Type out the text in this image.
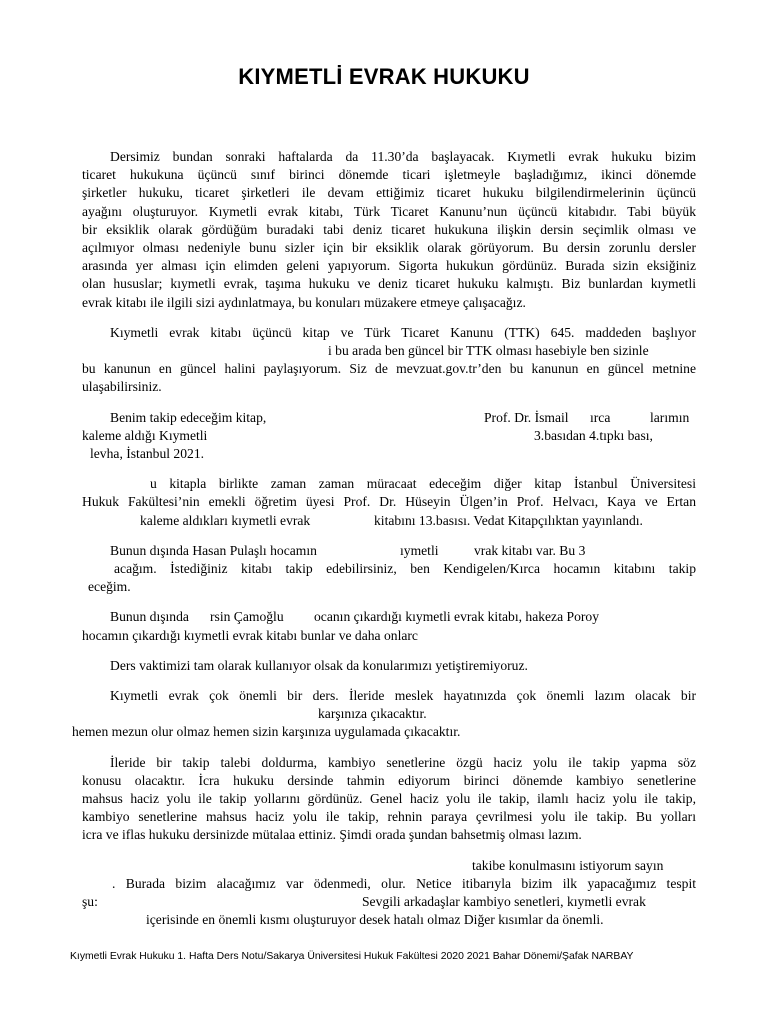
KIYMETLİ EVRAK HUKUKU
Dersimiz bundan sonraki haftalarda da 11.30’da başlayacak. Kıymetli evrak hukuku bizim
ticaret hukukuna üçüncü sınıf birinci dönemde ticari işletmeyle başladığımız, ikinci dönemde
şirketler hukuku, ticaret şirketleri ile devam ettiğimiz ticaret hukuku bilgilendirmelerinin üçüncü
ayağını oluşturuyor. Kıymetli evrak kitabı, Türk Ticaret Kanunu’nun üçüncü kitabıdır. Tabi büyük
bir eksiklik olarak gördüğüm buradaki tabi deniz ticaret hukukuna ilişkin dersin seçimlik olması ve
açılmıyor olması nedeniyle bunu sizler için bir eksiklik olarak görüyorum. Bu dersin zorunlu dersler
arasında yer alması için elimden geleni yapıyorum. Sigorta hukukun gördünüz. Burada sizin eksiğiniz
olan hususlar; kıymetli evrak, taşıma hukuku ve deniz ticaret hukuku kalmıştı. Biz bunlardan kıymetli
evrak kitabı ile ilgili sizi aydınlatmaya, bu konuları müzakere etmeye çalışacağız.
Kıymetli evrak kitabı üçüncü kitap ve Türk Ticaret Kanunu (TTK) 645. maddeden başlıyor
i bu arada ben güncel bir TTK olması hasebiyle ben sizinle
bu kanunun en güncel halini paylaşıyorum. Siz de mevzuat.gov.tr’den bu kanunun en güncel metnine
ulaşabilirsiniz.
Benim takip edeceğim kitap,	Prof. Dr. İsmail ırca	larımın
kaleme aldığı Kıymetli	3.basıdan 4.tıpkı bası,
levha, İstanbul 2021.
u kitapla birlikte zaman zaman müracaat edeceğim diğer kitap İstanbul Üniversitesi
Hukuk Fakültesi’nin emekli öğretim üyesi Prof. Dr. Hüseyin Ülgen’in Prof. Helvacı, Kaya ve Ertan
kaleme aldıkları kıymetli evrak	kitabını 13.basısı. Vedat Kitapçılıktan yayınlandı.
Bunun dışında Hasan Pulaşlı hocamın	ıymetli	vrak kitabı var. Bu 3
acağım. İstediğiniz kitabı takip edebilirsiniz, ben Kendigelen/Kırca hocamın kitabını takip
eceğim.
Bunun dışında rsin Çamoğlu ocanın çıkardığı kıymetli evrak kitabı, hakeza Poroy
hocamın çıkardığı kıymetli evrak kitabı bunlar ve daha onlarc
Ders vaktimizi tam olarak kullanıyor olsak da konularımızı yetiştiremiyoruz.
Kıymetli evrak çok önemli bir ders. İleride meslek hayatınızda çok önemli lazım olacak bir
karşınıza çıkacaktır.
hemen mezun olur olmaz hemen sizin karşınıza uygulamada çıkacaktır.
İleride bir takip talebi doldurma, kambiyo senetlerine özgü haciz yolu ile takip yapma söz
konusu olacaktır. İcra hukuku dersinde tahmin ediyorum birinci dönemde kambiyo senetlerine
mahsus haciz yolu ile takip yollarını gördünüz. Genel haciz yolu ile takip, ilamlı haciz yolu ile takip,
kambiyo senetlerine mahsus haciz yolu ile takip, rehnin paraya çevrilmesi yolu ile takip. Bu yolları
icra ve iflas hukuku dersinizde mütalaa ettiniz. Şimdi orada şundan bahsetmiş olması lazım.
takibe konulmasını istiyorum sayın
. Burada bizim alacağımız var ödenmedi, olur. Netice itibarıyla bizim ilk yapacağımız tespit
şu:	Sevgili arkadaşlar kambiyo senetleri, kıymetli evrak
içerisinde en önemli kısmı oluşturuyor desek hatalı olmaz Diğer kısımlar da önemli.
Kıymetli Evrak Hukuku 1. Hafta Ders Notu/Sakarya Üniversitesi Hukuk Fakültesi 2020 2021 Bahar Dönemi/Şafak NARBAY
